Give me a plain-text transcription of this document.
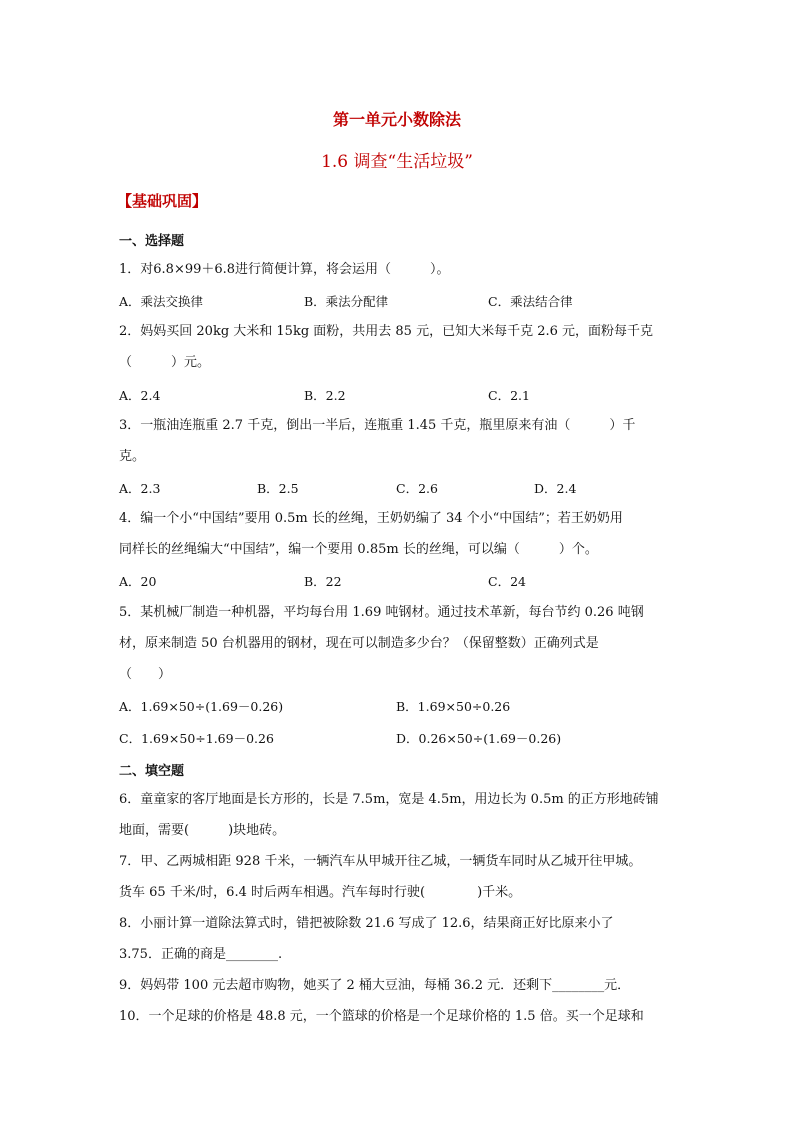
第一单元小数除法
1.6 调查“生活垃圾”
【基础巩固】
一、选择题
1．对6.8×99＋6.8进行简便计算，将会运用（　　　）。
A．乘法交换律	B．乘法分配律	C．乘法结合律
2．妈妈买回 20kg 大米和 15kg 面粉，共用去 85 元，已知大米每千克 2.6 元，面粉每千克
（　　　）元。
A．2.4	B．2.2	C．2.1
3．一瓶油连瓶重 2.7 千克，倒出一半后，连瓶重 1.45 千克，瓶里原来有油（　　　）千
克。
A．2.3	B．2.5	C．2.6	D．2.4
4．编一个小“中国结”要用 0.5m 长的丝绳，王奶奶编了 34 个小“中国结”；若王奶奶用
同样长的丝绳编大“中国结”，编一个要用 0.85m 长的丝绳，可以编（　　　）个。
A．20	B．22	C．24
5．某机械厂制造一种机器，平均每台用 1.69 吨钢材。通过技术革新，每台节约 0.26 吨钢
材，原来制造 50 台机器用的钢材，现在可以制造多少台？（保留整数）正确列式是
（　　）
A．1.69×50÷(1.69－0.26)	B．1.69×50÷0.26
C．1.69×50÷1.69－0.26	D．0.26×50÷(1.69－0.26)
二、填空题
6．童童家的客厅地面是长方形的，长是 7.5m，宽是 4.5m，用边长为 0.5m 的正方形地砖铺
地面，需要(　　　)块地砖。
7．甲、乙两城相距 928 千米，一辆汽车从甲城开往乙城，一辆货车同时从乙城开往甲城。
货车 65 千米/时，6.4 时后两车相遇。汽车每时行驶(　　　　)千米。
8．小丽计算一道除法算式时，错把被除数 21.6 写成了 12.6，结果商正好比原来小了
3.75．正确的商是________.
9．妈妈带 100 元去超市购物，她买了 2 桶大豆油，每桶 36.2 元．还剩下________元．
10．一个足球的价格是 48.8 元，一个篮球的价格是一个足球价格的 1.5 倍。买一个足球和
